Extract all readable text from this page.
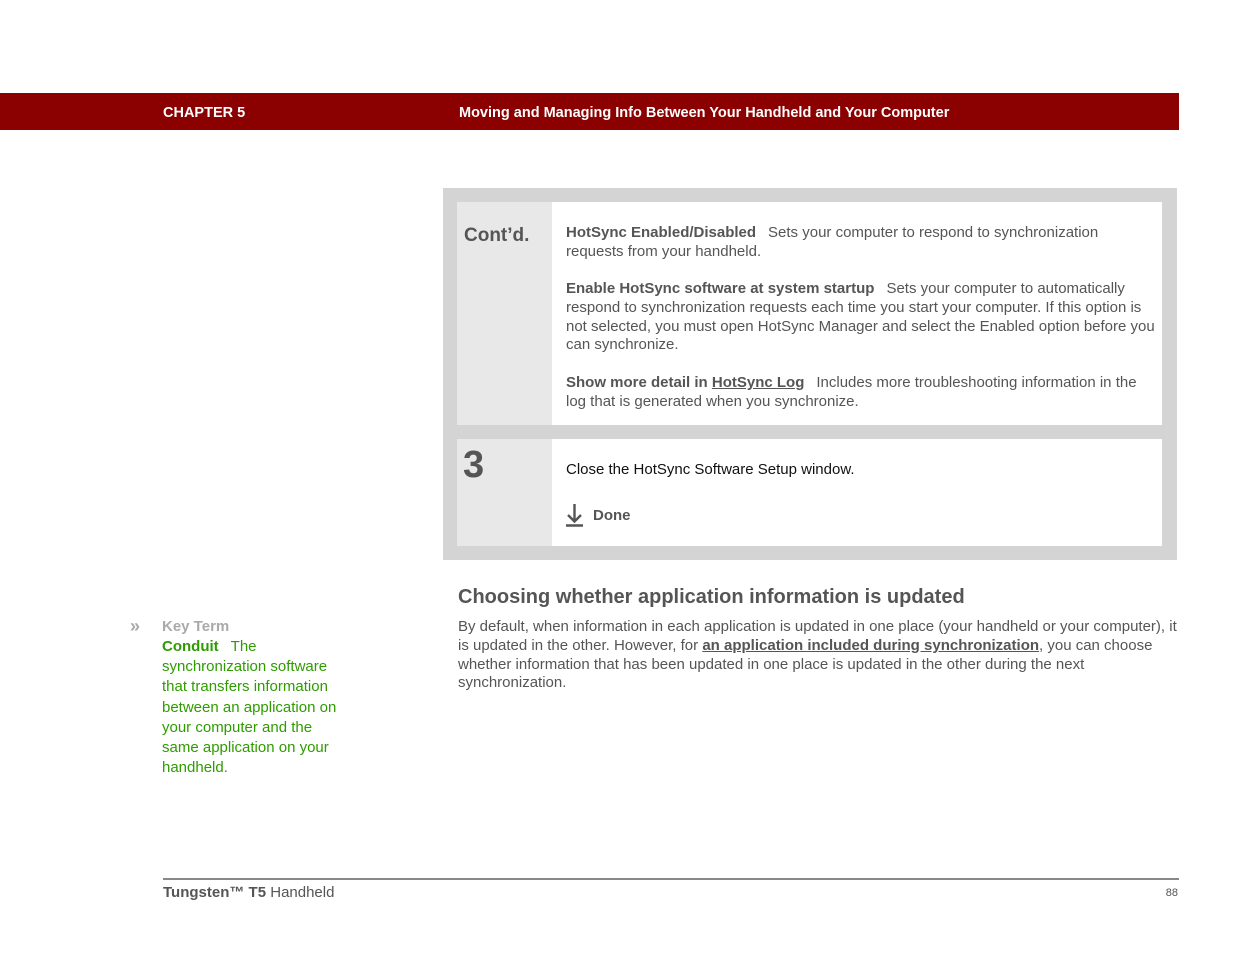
CHAPTER 5	Moving and Managing Info Between Your Handheld and Your Computer
Cont’d. HotSync Enabled/Disabled Sets your computer to respond to synchronization requests from your handheld.
Enable HotSync software at system startup Sets your computer to automatically respond to synchronization requests each time you start your computer. If this option is not selected, you must open HotSync Manager and select the Enabled option before you can synchronize.
Show more detail in HotSync Log Includes more troubleshooting information in the log that is generated when you synchronize.
3	Close the HotSync Software Setup window.
Done
Choosing whether application information is updated
By default, when information in each application is updated in one place (your handheld or your computer), it is updated in the other. However, for an application included during synchronization, you can choose whether information that has been updated in one place is updated in the other during the next synchronization.
» Key Term
Conduit The synchronization software that transfers information between an application on your computer and the same application on your handheld.
Tungsten™ T5 Handheld	88
